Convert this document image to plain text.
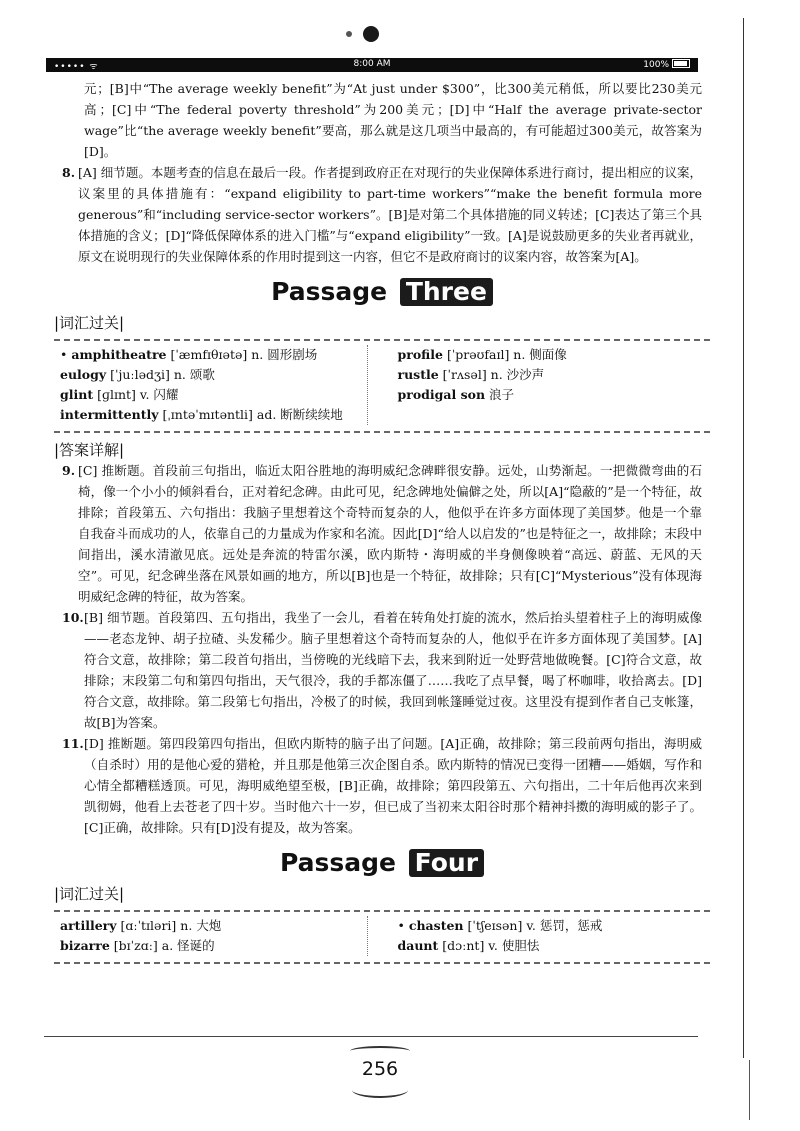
••••• ᯤ	8:00 AM	100%

元；[B]中“The average weekly benefit”为“At just under $300”，比300美元稍低，所以要比230美元高；[C]中“The federal poverty threshold”为200美元；[D]中“Half the average private-sector wage”比“the average weekly benefit”要高，那么就是这几项当中最高的，有可能超过300美元，故答案为[D]。

8. [A] 细节题。本题考查的信息在最后一段。作者提到政府正在对现行的失业保障体系进行商讨，提出相应的议案，议案里的具体措施有：“expand eligibility to part-time workers”“make the benefit formula more generous”和“including service-sector workers”。[B]是对第二个具体措施的同义转述；[C]表达了第三个具体措施的含义；[D]“降低保障体系的进入门槛”与“expand eligibility”一致。[A]是说鼓励更多的失业者再就业，原文在说明现行的失业保障体系的作用时提到这一内容，但它不是政府商讨的议案内容，故答案为[A]。
Passage Three
|词汇过关|
• amphitheatre [ˈæmfɪθɪətə] n. 圆形剧场
eulogy [ˈjuːlədʒi] n. 颂歌
glint [ɡlɪnt] v. 闪耀
intermittently [ˌɪntəˈmɪtəntli] ad. 断断续续地
profile [ˈprəʊfaɪl] n. 侧面像
rustle [ˈrʌsəl] n. 沙沙声
prodigal son 浪子
|答案详解|
9. [C] 推断题。首段前三句指出，临近太阳谷胜地的海明威纪念碑畔很安静。远处，山势渐起。一把微微弯曲的石椅，像一个小小的倾斜看台，正对着纪念碑。由此可见，纪念碑地处偏僻之处，所以[A]“隐蔽的”是一个特征，故排除；首段第五、六句指出：我脑子里想着这个奇特而复杂的人，他似乎在许多方面体现了美国梦。他是一个靠自我奋斗而成功的人，依靠自己的力量成为作家和名流。因此[D]“给人以启发的”也是特征之一，故排除；末段中间指出，溪水清澈见底。远处是奔流的特雷尔溪，欧内斯特・海明威的半身侧像映着“高远、蔚蓝、无风的天空”。可见，纪念碑坐落在风景如画的地方，所以[B]也是一个特征，故排除；只有[C]“Mysterious”没有体现海明威纪念碑的特征，故为答案。
10. [B] 细节题。首段第四、五句指出，我坐了一会儿，看着在转角处打旋的流水，然后抬头望着柱子上的海明威像——老态龙钟、胡子拉碴、头发稀少。脑子里想着这个奇特而复杂的人，他似乎在许多方面体现了美国梦。[A]符合文意，故排除；第二段首句指出，当傍晚的光线暗下去，我来到附近一处野营地做晚餐。[C]符合文意，故排除；末段第二句和第四句指出，天气很冷，我的手都冻僵了……我吃了点早餐，喝了杯咖啡，收拾离去。[D]符合文意，故排除。第二段第七句指出，冷极了的时候，我回到帐篷睡觉过夜。这里没有提到作者自己支帐篷，故[B]为答案。
11. [D] 推断题。第四段第四句指出，但欧内斯特的脑子出了问题。[A]正确，故排除；第三段前两句指出，海明威（自杀时）用的是他心爱的猎枪，并且那是他第三次企图自杀。欧内斯特的情况已变得一团糟——婚姻，写作和心情全都糟糕透顶。可见，海明威绝望至极，[B]正确，故排除；第四段第五、六句指出，二十年后他再次来到凯彻姆，他看上去苍老了四十岁。当时他六十一岁，但已成了当初来太阳谷时那个精神抖擞的海明威的影子了。[C]正确，故排除。只有[D]没有提及，故为答案。
Passage Four
|词汇过关|
artillery [ɑːˈtɪləri] n. 大炮
bizarre [bɪˈzɑː] a. 怪诞的
• chasten [ˈtʃeɪsən] v. 惩罚，惩戒
daunt [dɔːnt] v. 使胆怯
256
